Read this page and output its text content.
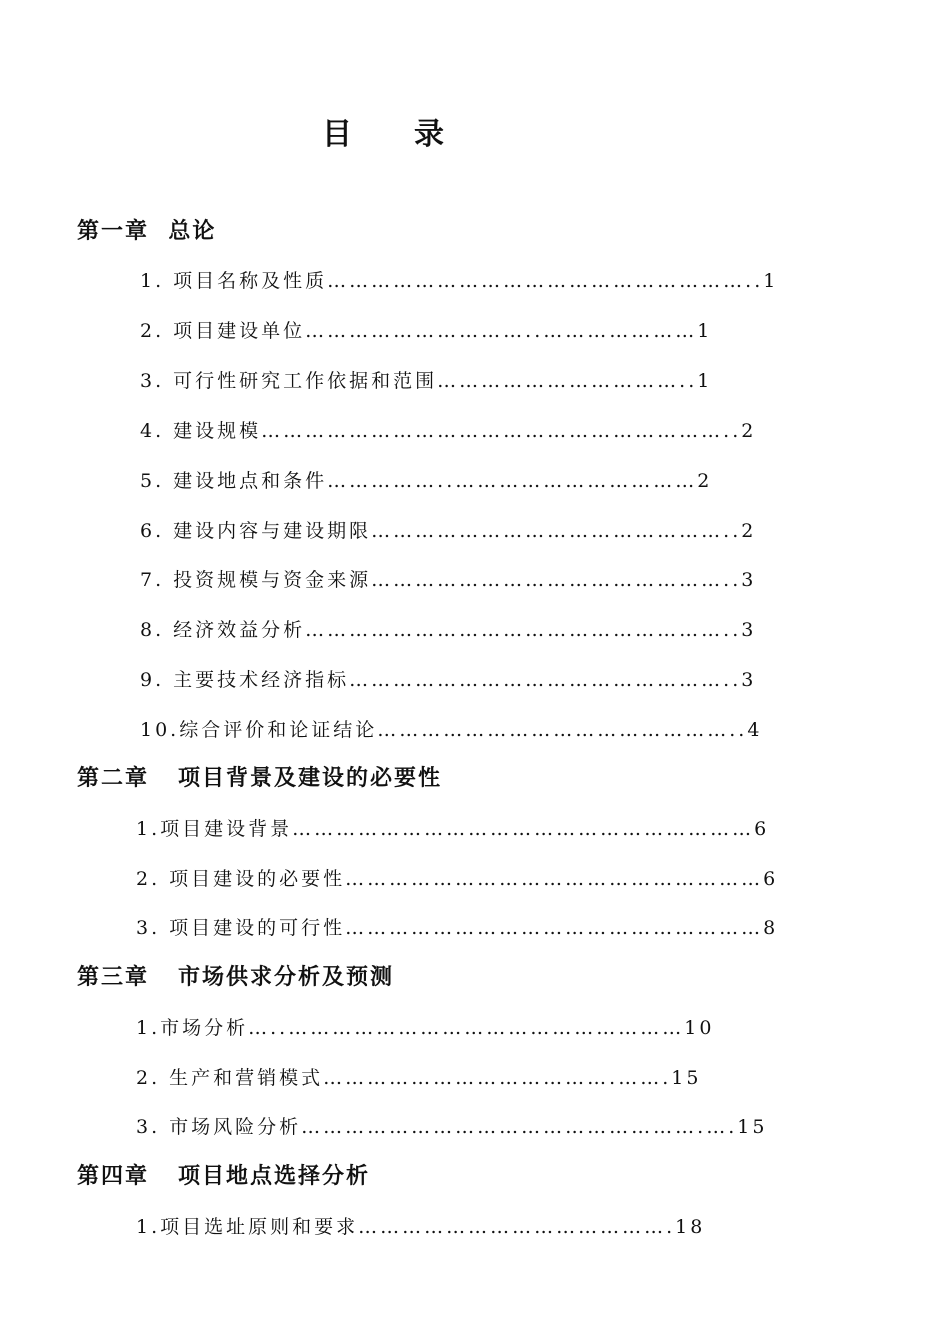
目录
第一章  总论
1. 项目名称及性质…………………………………………………..1
2. 项目建设单位…………………………..…………………1
3. 可行性研究工作依据和范围……………………………..1
4. 建设规模………………………………………………………..2
5. 建设地点和条件……………..……………………………2
6. 建设内容与建设期限…………………………………………..2
7. 投资规模与资金来源…………………………………………..3
8. 经济效益分析…………………………………………………..3
9. 主要技术经济指标……………………………………………..3
10.综合评价和论证结论…………………………………………..4
第二章   项目背景及建设的必要性
1.项目建设背景………………………………………………………6
2. 项目建设的必要性…………………………………………………6
3. 项目建设的可行性…………………………………………………8
第三章   市场供求分析及预测
1.市场分析…..………………………………………………10
2. 生产和营销模式………………………………….…….15
3. 市场风险分析……………………………………………….….15
第四章   项目地点选择分析
1.项目选址原则和要求…………………………………….18
